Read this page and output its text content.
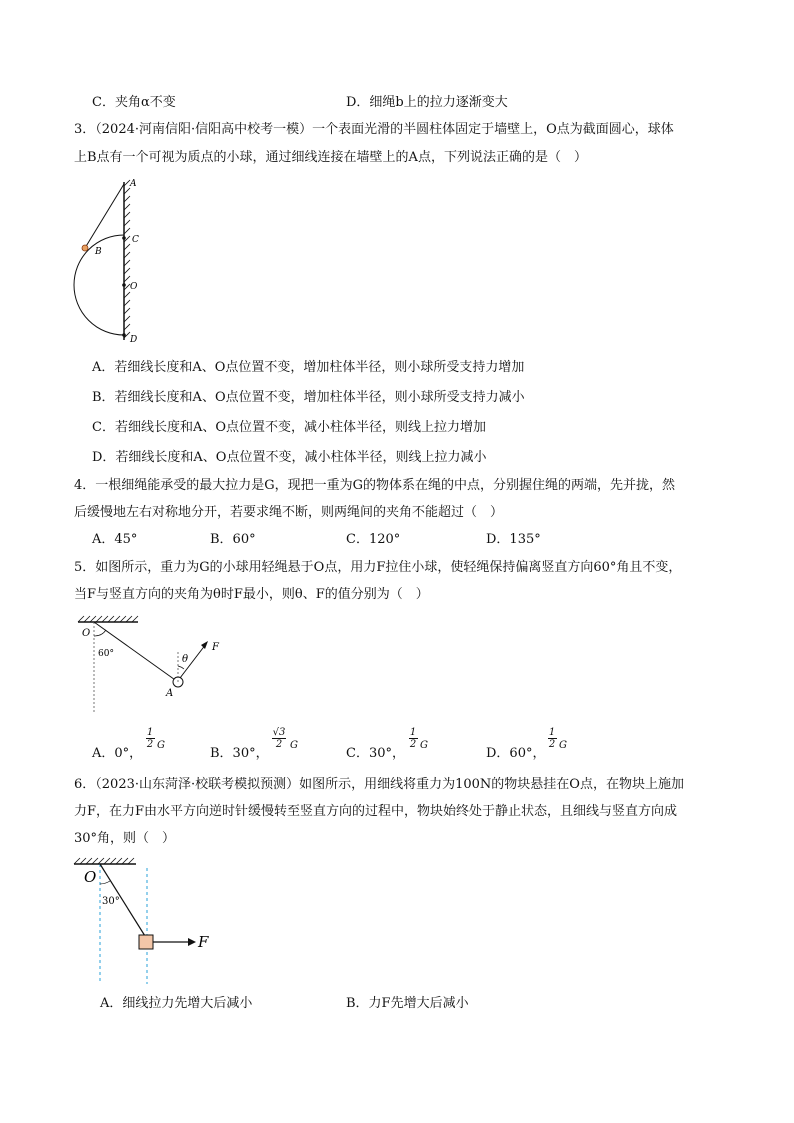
C．夹角α不变	D．细绳b上的拉力逐渐变大
3．（2024·河南信阳·信阳高中校考一模）一个表面光滑的半圆柱体固定于墙壁上，O点为截面圆心，球体
上B点有一个可视为质点的小球，通过细线连接在墙壁上的A点，下列说法正确的是（　）
A
C
B
O
D
A．若细线长度和A、O点位置不变，增加柱体半径，则小球所受支持力增加
B．若细线长度和A、O点位置不变，增加柱体半径，则小球所受支持力减小
C．若细线长度和A、O点位置不变，减小柱体半径，则线上拉力增加
D．若细线长度和A、O点位置不变，减小柱体半径，则线上拉力减小
4．一根细绳能承受的最大拉力是G，现把一重为G的物体系在绳的中点，分别握住绳的两端，先并拢，然
后缓慢地左右对称地分开，若要求绳不断，则两绳间的夹角不能超过（　）
A．45°	B．60°	C．120°	D．135°
5．如图所示，重力为G的小球用轻绳悬于O点，用力F拉住小球，使轻绳保持偏离竖直方向60°角且不变，
当F与竖直方向的夹角为θ时F最小，则θ、F的值分别为（　）
O
60°	θ
F
A
A．0°，
1
2 G
B．30°，
√3
2 G
C．30°，
1
2 G
D．60°，
1
2 G
6．（2023·山东菏泽·校联考模拟预测）如图所示，用细线将重力为100N的物块悬挂在O点，在物块上施加
力F，在力F由水平方向逆时针缓慢转至竖直方向的过程中，物块始终处于静止状态，且细线与竖直方向成
30°角，则（　）
O
30°
F
A．细线拉力先增大后减小	B．力F先增大后减小
